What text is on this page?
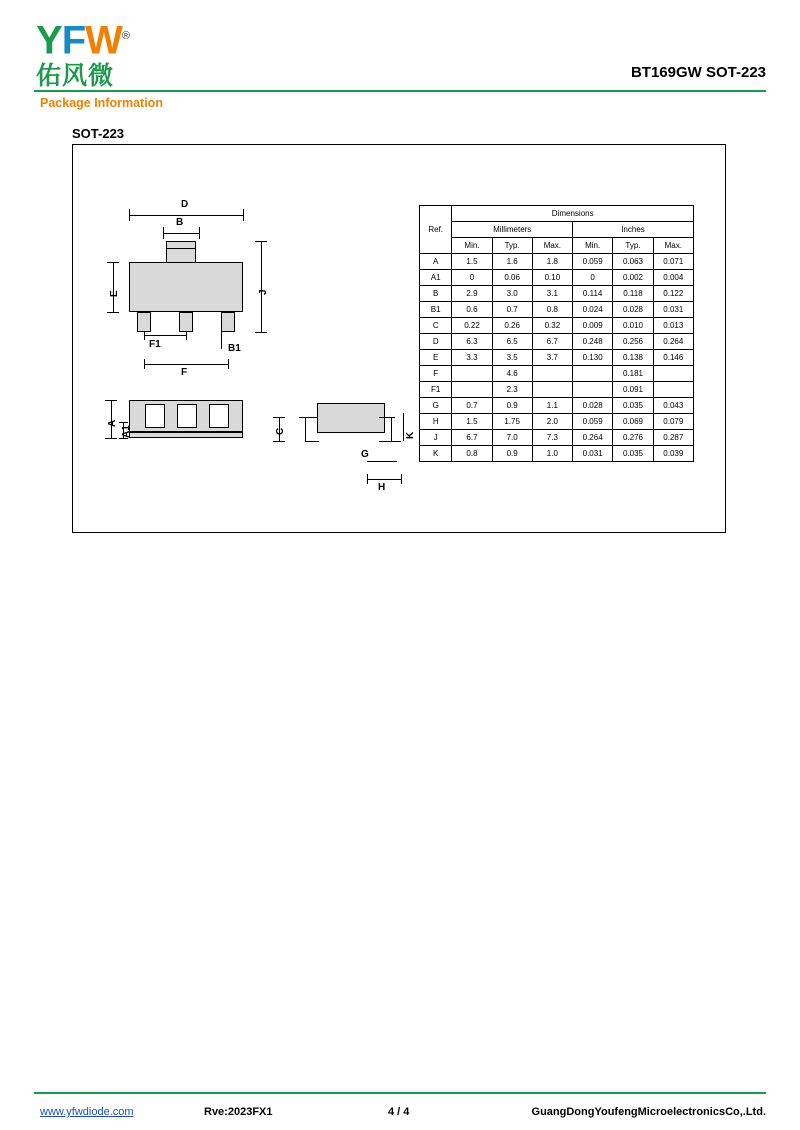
YFW®
佑风微	BT169GW SOT-223
Package Information
SOT-223
D
B
E	J
F1	B1
F
A
A1	C
K
G
H
Ref.	Dimensions					
	Millimeters			Inches		
	Min.	Typ.	Max.	Min.	Typ.	Max.
A	1.5	1.6	1.8	0.059	0.063	0.071
A1	0	0.06	0.10	0	0.002	0.004
B	2.9	3.0	3.1	0.114	0.118	0.122
B1	0.6	0.7	0.8	0.024	0.028	0.031
C	0.22	0.26	0.32	0.009	0.010	0.013
D	6.3	6.5	6.7	0.248	0.256	0.264
E	3.3	3.5	3.7	0.130	0.138	0.146
F		4.6			0.181	
F1		2.3			0.091	
G	0.7	0.9	1.1	0.028	0.035	0.043
H	1.5	1.75	2.0	0.059	0.069	0.079
J	6.7	7.0	7.3	0.264	0.276	0.287
K	0.8	0.9	1.0	0.031	0.035	0.039
www.yfwdiode.com	Rve:2023FX1	4 / 4	GuangDongYoufengMicroelectronicsCo,.Ltd.
